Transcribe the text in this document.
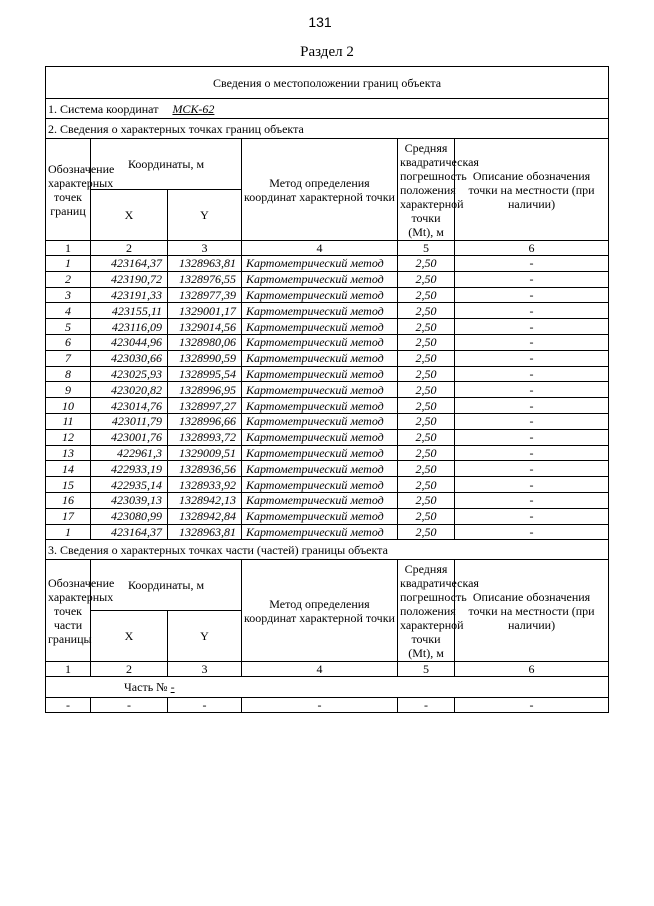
131
Раздел 2
Сведения о местоположении границ объекта					
1. Система координат МСК-62					
2. Сведения о характерных точках границ объекта					
Обозначение характерных точек границ	Координаты, м		Метод определения координат характерной точки	Средняя квадратическая погрешность положения характерной точки (Mt), м	Описание обозначения точки на местности (при наличии)
	X	Y			
1	2	3	4	5	6
1	423164,37	1328963,81	Картометрический метод	2,50	-
2	423190,72	1328976,55	Картометрический метод	2,50	-
3	423191,33	1328977,39	Картометрический метод	2,50	-
4	423155,11	1329001,17	Картометрический метод	2,50	-
5	423116,09	1329014,56	Картометрический метод	2,50	-
6	423044,96	1328980,06	Картометрический метод	2,50	-
7	423030,66	1328990,59	Картометрический метод	2,50	-
8	423025,93	1328995,54	Картометрический метод	2,50	-
9	423020,82	1328996,95	Картометрический метод	2,50	-
10	423014,76	1328997,27	Картометрический метод	2,50	-
11	423011,79	1328996,66	Картометрический метод	2,50	-
12	423001,76	1328993,72	Картометрический метод	2,50	-
13	422961,3	1329009,51	Картометрический метод	2,50	-
14	422933,19	1328936,56	Картометрический метод	2,50	-
15	422935,14	1328933,92	Картометрический метод	2,50	-
16	423039,13	1328942,13	Картометрический метод	2,50	-
17	423080,99	1328942,84	Картометрический метод	2,50	-
1	423164,37	1328963,81	Картометрический метод	2,50	-
3. Сведения о характерных точках части (частей) границы объекта					
Обозначение характерных точек части границы	Координаты, м		Метод определения координат характерной точки	Средняя квадратическая погрешность положения характерной точки (Mt), м	Описание обозначения точки на местности (при наличии)
	X	Y			
1	2	3	4	5	6
Часть № -					
-	-	-	-	-	-
